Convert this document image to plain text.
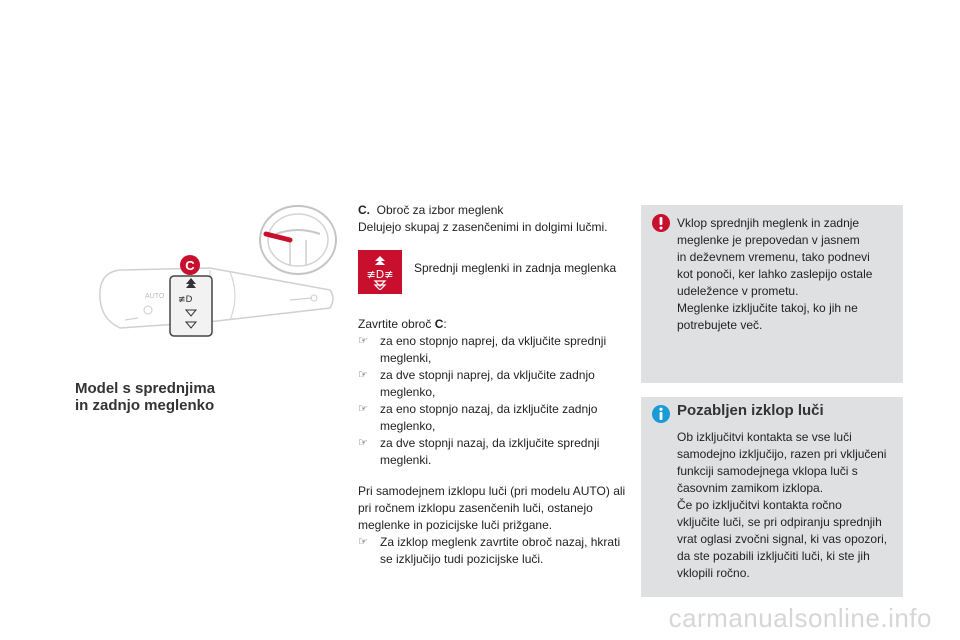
AUTO ≢D
C
Model s sprednjima
in zadnjo meglenko

C. Obroč za izbor meglenk

Delujejo skupaj z zasenčenimi in dolgimi lučmi.

≢D≢ Sprednji meglenki in zadnja meglenka

Zavrtite obroč C:

☞ za eno stopnjo naprej, da vključite sprednji meglenki,

☞ za dve stopnji naprej, da vključite zadnjo meglenko,

☞ za eno stopnjo nazaj, da izključite zadnjo meglenko,

☞ za dve stopnji nazaj, da izključite sprednji meglenki.

Pri samodejnem izklopu luči (pri modelu AUTO) ali pri ročnem izklopu zasenčenih luči, ostanejo meglenke in pozicijske luči prižgane.

☞ Za izklop meglenk zavrtite obroč nazaj, hkrati se izključijo tudi pozicijske luči.

Vklop sprednjih meglenk in zadnje
meglenke je prepovedan v jasnem
in deževnem vremenu, tako podnevi
kot ponoči, ker lahko zaslepijo ostale
udeležence v prometu.
Meglenke izključite takoj, ko jih ne
potrebujete več.
Pozabljen izklop luči
Ob izključitvi kontakta se vse luči
samodejno izključijo, razen pri vključeni
funkciji samodejnega vklopa luči s
časovnim zamikom izklopa.
Če po izključitvi kontakta ročno
vključite luči, se pri odpiranju sprednjih
vrat oglasi zvočni signal, ki vas opozori,
da ste pozabili izključiti luči, ki ste jih
vklopili ročno.
carmanualsonline.info
